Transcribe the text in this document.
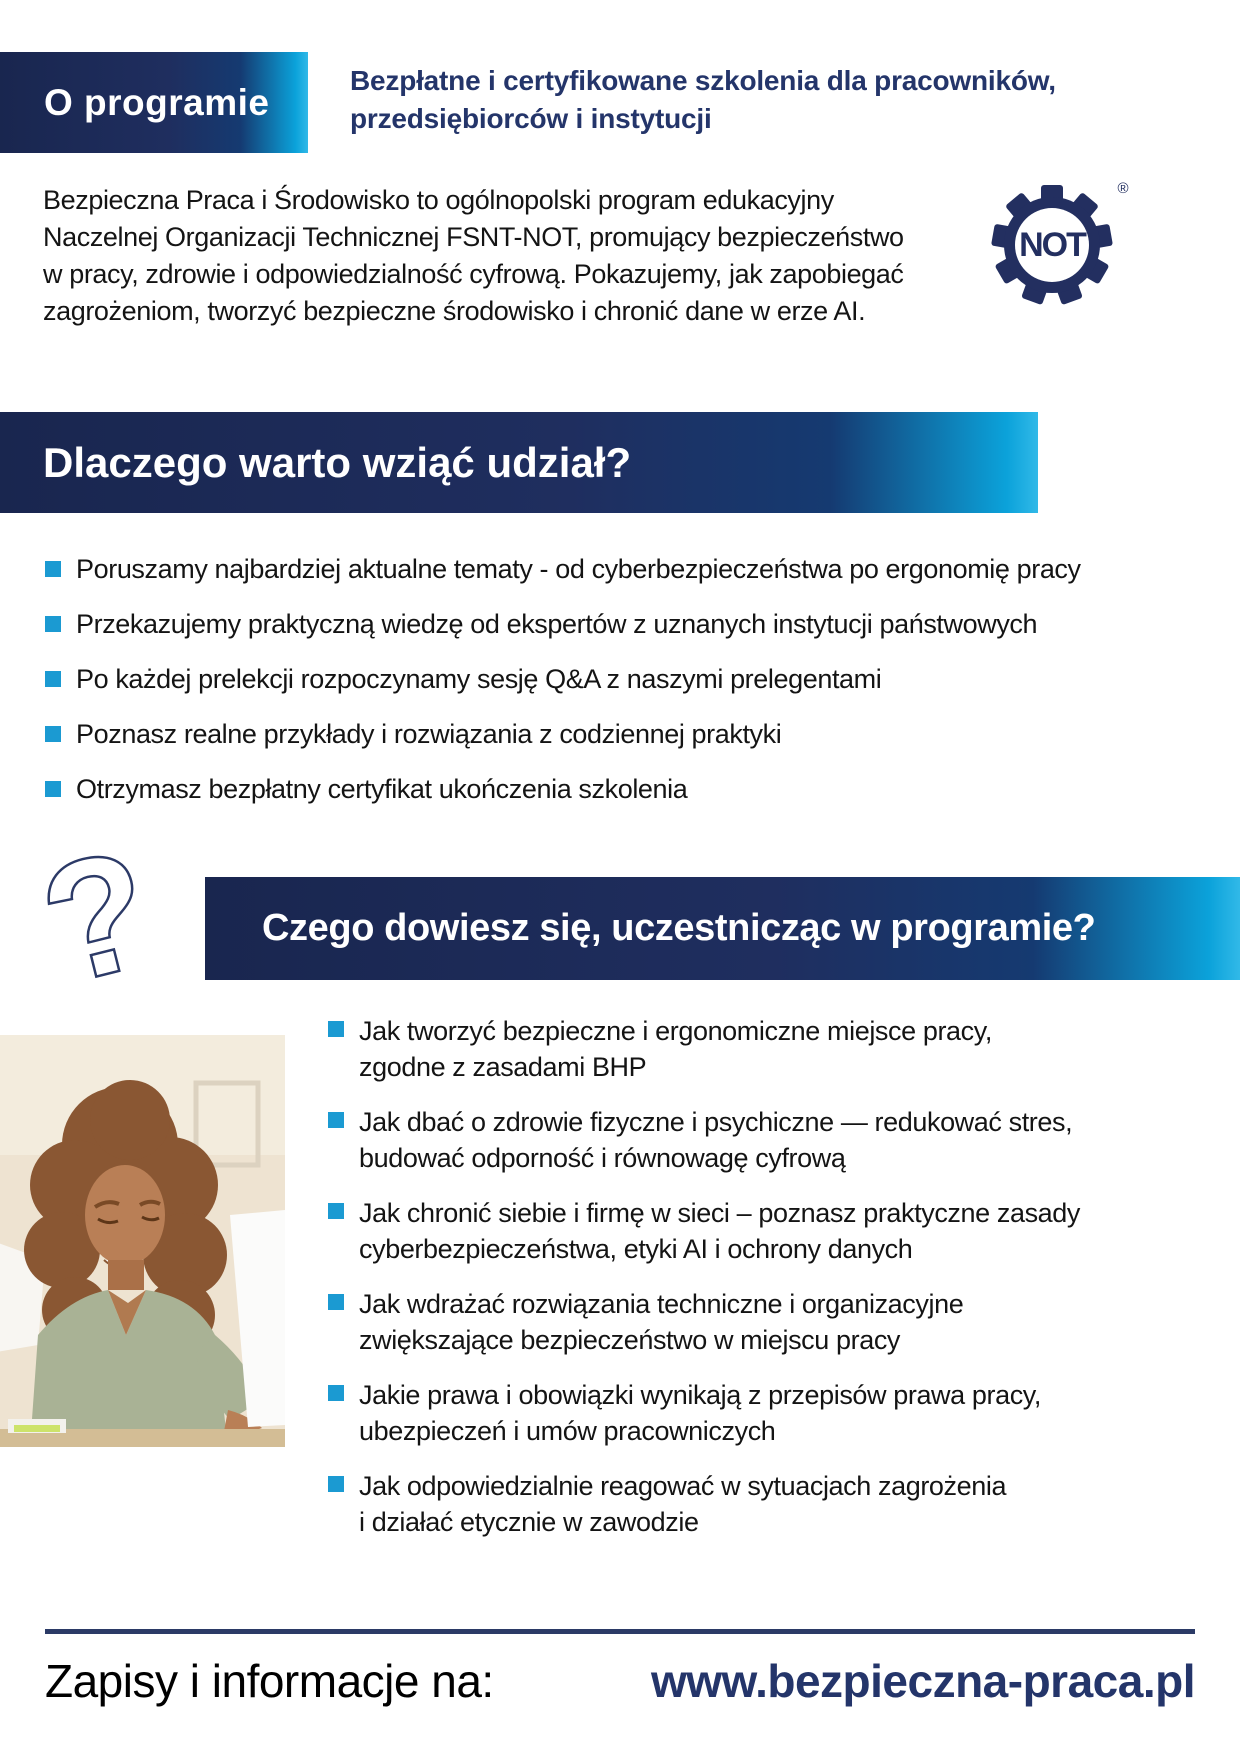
O programie
Bezpłatne i certyfikowane szkolenia dla pracowników,
przedsiębiorców i instytucji
Bezpieczna Praca i Środowisko to ogólnopolski program edukacyjny
Naczelnej Organizacji Technicznej FSNT-NOT, promujący bezpieczeństwo
w pracy, zdrowie i odpowiedzialność cyfrową. Pokazujemy, jak zapobiegać
zagrożeniom, tworzyć bezpieczne środowisko i chronić dane w erze AI.
NOT
®
Dlaczego warto wziąć udział?
Poruszamy najbardziej aktualne tematy - od cyberbezpieczeństwa po ergonomię pracy
Przekazujemy praktyczną wiedzę od ekspertów z uznanych instytucji państwowych
Po każdej prelekcji rozpoczynamy sesję Q&A z naszymi prelegentami
Poznasz realne przykłady i rozwiązania z codziennej praktyki
Otrzymasz bezpłatny certyfikat ukończenia szkolenia
? Czego dowiesz się, uczestnicząc w programie?
Jak tworzyć bezpieczne i ergonomiczne miejsce pracy,
zgodne z zasadami BHP
Jak dbać o zdrowie fizyczne i psychiczne — redukować stres,
budować odporność i równowagę cyfrową
Jak chronić siebie i firmę w sieci – poznasz praktyczne zasady
cyberbezpieczeństwa, etyki AI i ochrony danych
Jak wdrażać rozwiązania techniczne i organizacyjne
zwiększające bezpieczeństwo w miejscu pracy
Jakie prawa i obowiązki wynikają z przepisów prawa pracy,
ubezpieczeń i umów pracowniczych
Jak odpowiedzialnie reagować w sytuacjach zagrożenia
i działać etycznie w zawodzie
Zapisy i informacje na:	www.bezpieczna-praca.pl
